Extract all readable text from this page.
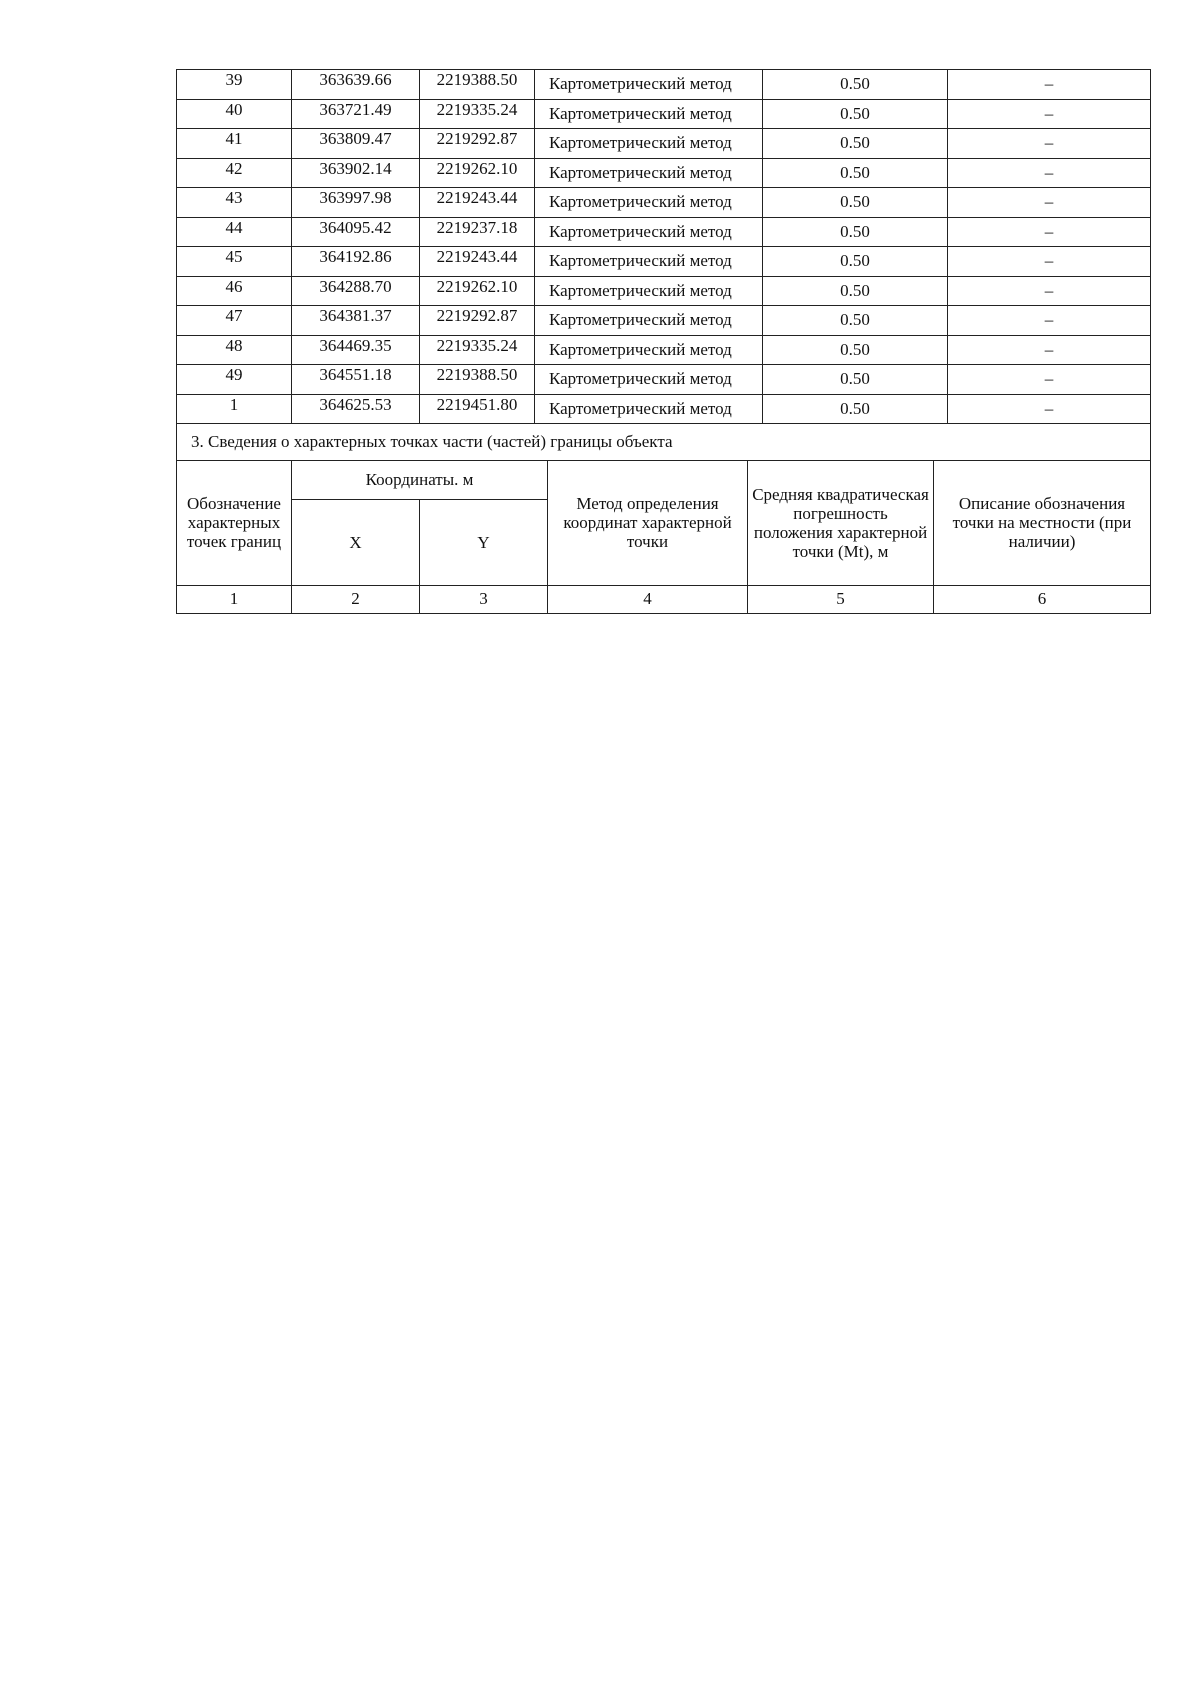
39	363639.66	2219388.50	Картометрический метод	0.50	–
40	363721.49	2219335.24	Картометрический метод	0.50	–
41	363809.47	2219292.87	Картометрический метод	0.50	–
42	363902.14	2219262.10	Картометрический метод	0.50	–
43	363997.98	2219243.44	Картометрический метод	0.50	–
44	364095.42	2219237.18	Картометрический метод	0.50	–
45	364192.86	2219243.44	Картометрический метод	0.50	–
46	364288.70	2219262.10	Картометрический метод	0.50	–
47	364381.37	2219292.87	Картометрический метод	0.50	–
48	364469.35	2219335.24	Картометрический метод	0.50	–
49	364551.18	2219388.50	Картометрический метод	0.50	–
1	364625.53	2219451.80	Картометрический метод	0.50	–
3. Сведения о характерных точках части (частей) границы объекта					
Обозначение характерных точек границ	Координаты. м		Метод определения координат характерной точки	Средняя квадратическая погрешность положения характерной точки (Mt), м	Описание обозначения точки на местности (при наличии)
	X	Y			
1	2	3	4	5	6
